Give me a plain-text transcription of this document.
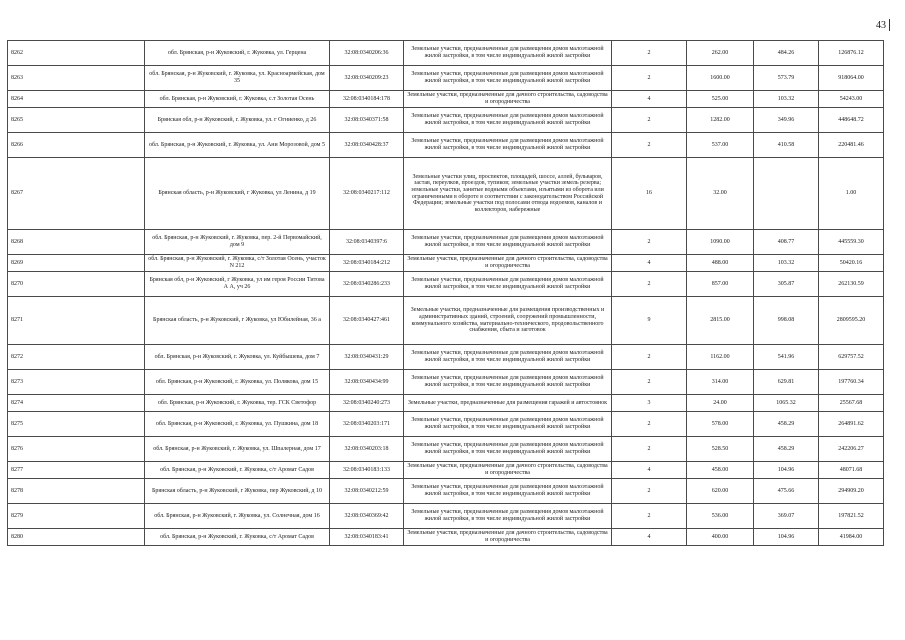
43
8262	обл. Брянская, р-н Жуковский, г. Жуковка, ул. Герцена	32:08:0340206:36	Земельные участки, предназначенные для размещения домов малоэтажной жилой застройки, в том числе индивидуальной жилой застройки	2	262.00	484.26	126876.12
8263	обл. Брянская, р-н Жуковский, г. Жуковка, ул. Красноармейская, дом 35	32:08:0340209:23	Земельные участки, предназначенные для размещения домов малоэтажной жилой застройки, в том числе индивидуальной жилой застройки	2	1600.00	573.79	918064.00
8264	обл. Брянская, р-н Жуковский, г. Жуковка, с.т Золотая Осень	32:08:0340184:178	Земельные участки, предназначенные для дачного строительства, садоводства и огородничества	4	525.00	103.32	54243.00
8265	Брянская обл, р-н Жуковский, г. Жуковка, ул. г Огниенко, д 26	32:08:0340371:58	Земельные участки, предназначенные для размещения домов малоэтажной жилой застройки, в том числе индивидуальной жилой застройки	2	1282.00	349.96	448648.72
8266	обл. Брянская, р-н Жуковский, г. Жуковка, ул. Ани Морозовой, дом 5	32:08:0340428:37	Земельные участки, предназначенные для размещения домов малоэтажной жилой застройки, в том числе индивидуальной жилой застройки	2	537.00	410.58	220481.46
8267	Брянская область, р-н Жуковский, г Жуковка, ул Ленина, д 19	32:08:0340217:112	Земельные участки улиц, проспектов, площадей, шоссе, аллей, бульваров, застав, переулков, проездов, тупиков; земельные участки земель резерва; земельные участки, занятые водными объектами, изъятыми из оборота или ограниченными в обороте в соответствии с законодательством Российской Федерации; земельные участки под полосами отвода водоемов, каналов и коллекторов, набережные	16	32.00		1.00
8268	обл. Брянская, р-н Жуковский, г. Жуковка, пер. 2-й Первомайский, дом 9	32:08:0340397:6	Земельные участки, предназначенные для размещения домов малоэтажной жилой застройки, в том числе индивидуальной жилой застройки	2	1090.00	408.77	445559.30
8269	обл. Брянская, р-н Жуковский, г. Жуковка, с/т Золотая Осень, участок N 212	32:08:0340184:212	Земельные участки, предназначенные для дачного строительства, садоводства и огородничества	4	488.00	103.32	50420.16
8270	Брянская обл, р-н Жуковский, г Жуковка, ул им героя России Титова А А, уч 26	32:08:0340286:233	Земельные участки, предназначенные для размещения домов малоэтажной жилой застройки, в том числе индивидуальной жилой застройки	2	857.00	305.87	262130.59
8271	Брянская область, р-н Жуковский, г Жуковка, ул Юбилейная, 36 а	32:08:0340427:461	Земельные участки, предназначенные для размещения производственных и административных зданий, строений, сооружений промышленности, коммунального хозяйства, материально-технического, продовольственного снабжения, сбыта и заготовок	9	2815.00	998.08	2809595.20
8272	обл. Брянская, р-н Жуковский, г. Жуковка, ул. Куйбышева, дом 7	32:08:0340431:29	Земельные участки, предназначенные для размещения домов малоэтажной жилой застройки, в том числе индивидуальной жилой застройки	2	1162.00	541.96	629757.52
8273	обл. Брянская, р-н Жуковский, г. Жуковка, ул. Полякова, дом 15	32:08:0340434:99	Земельные участки, предназначенные для размещения домов малоэтажной жилой застройки, в том числе индивидуальной жилой застройки	2	314.00	629.81	197760.34
8274	обл. Брянская, р-н Жуковский, г. Жуковка, тер. ГСК Светофор	32:08:0340240:273	Земельные участки, предназначенные для размещения гаражей и автостоянок	3	24.00	1065.32	25567.68
8275	обл. Брянская, р-н Жуковский, г. Жуковка, ул. Пушкина, дом 18	32:08:0340203:171	Земельные участки, предназначенные для размещения домов малоэтажной жилой застройки, в том числе индивидуальной жилой застройки	2	578.00	458.29	264891.62
8276	обл. Брянская, р-н Жуковский, г. Жуковка, ул. Шпалерная, дом 17	32:08:0340203:18	Земельные участки, предназначенные для размещения домов малоэтажной жилой застройки, в том числе индивидуальной жилой застройки	2	528.50	458.29	242206.27
8277	обл. Брянская, р-н Жуковский, г. Жуковка, с/т Аромат Садов	32:08:0340183:133	Земельные участки, предназначенные для дачного строительства, садоводства и огородничества	4	458.00	104.96	48071.68
8278	Брянская область, р-н Жуковский, г Жуковка, пер Жуковский, д 10	32:08:0340212:59	Земельные участки, предназначенные для размещения домов малоэтажной жилой застройки, в том числе индивидуальной жилой застройки	2	620.00	475.66	294909.20
8279	обл. Брянская, р-н Жуковский, г. Жуковка, ул. Солнечная, дом 16	32:08:0340369:42	Земельные участки, предназначенные для размещения домов малоэтажной жилой застройки, в том числе индивидуальной жилой застройки	2	536.00	369.07	197821.52
8280	обл. Брянская, р-н Жуковский, г. Жуковка, с/т Аромат Садов	32:08:0340183:41	Земельные участки, предназначенные для дачного строительства, садоводства и огородничества	4	400.00	104.96	41984.00
